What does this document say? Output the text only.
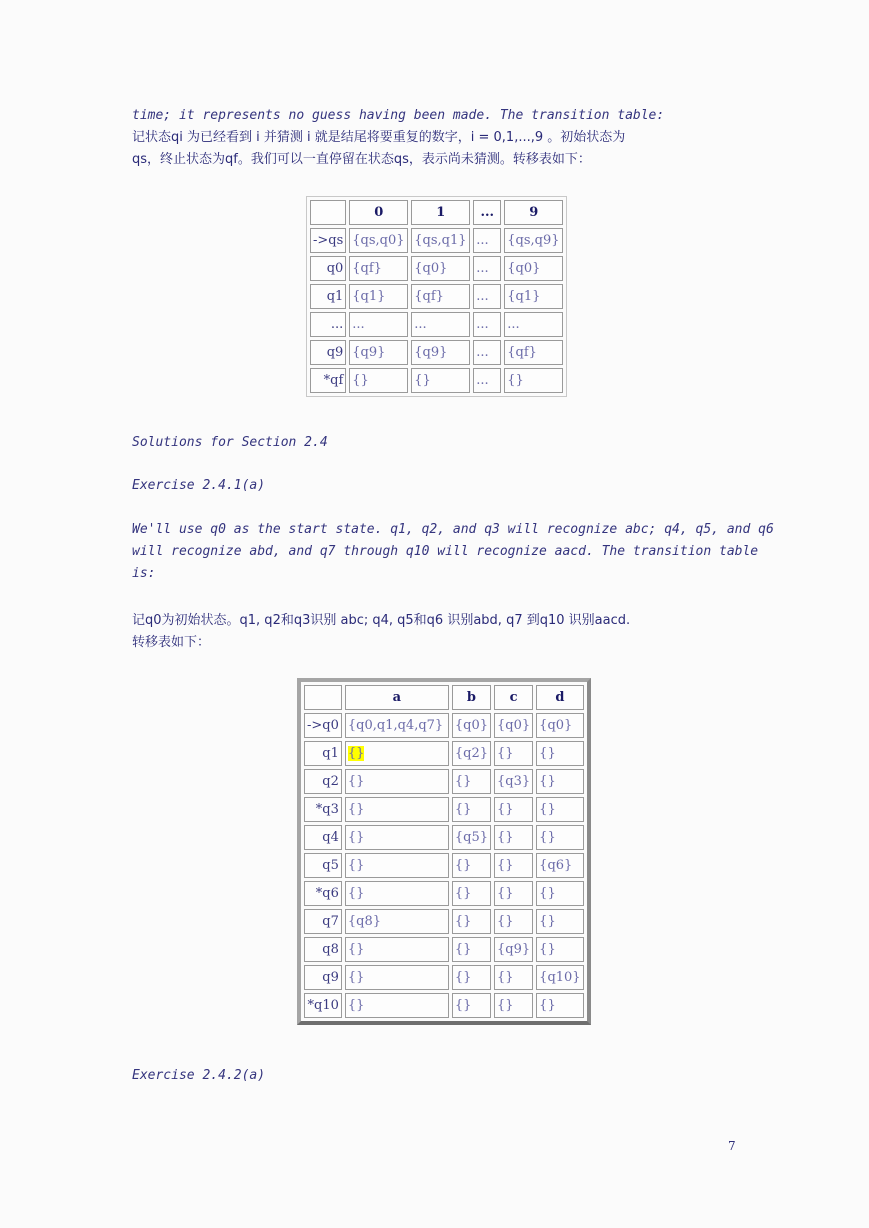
time; it represents no guess having been made. The transition table:

记状态qi 为已经看到 i 并猜测 i 就是结尾将要重复的数字，i = 0,1,...,9 。初始状态为
qs，终止状态为qf。我们可以一直停留在状态qs，表示尚未猜测。转移表如下：

	0	1	...	9
->qs	{qs,q0}	{qs,q1}	...	{qs,q9}
q0	{qf}	{q0}	...	{q0}
q1	{q1}	{qf}	...	{q1}
...	...	...	...	...
q9	{q9}	{q9}	...	{qf}
*qf	{}	{}	...	{}

Solutions for Section 2.4

Exercise 2.4.1(a)

We'll use q0 as the start state. q1, q2, and q3 will recognize abc; q4, q5, and q6
will recognize abd, and q7 through q10 will recognize aacd. The transition table
is:

记q0为初始状态。q1, q2和q3识别 abc; q4, q5和q6 识别abd, q7 到q10 识别aacd.
转移表如下：

	a	b	c	d
->q0	{q0,q1,q4,q7}	{q0}	{q0}	{q0}
q1	{}	{q2}	{}	{}
q2	{}	{}	{q3}	{}
*q3	{}	{}	{}	{}
q4	{}	{q5}	{}	{}
q5	{}	{}	{}	{q6}
*q6	{}	{}	{}	{}
q7	{q8}	{}	{}	{}
q8	{}	{}	{q9}	{}
q9	{}	{}	{}	{q10}
*q10	{}	{}	{}	{}

Exercise 2.4.2(a)

7
